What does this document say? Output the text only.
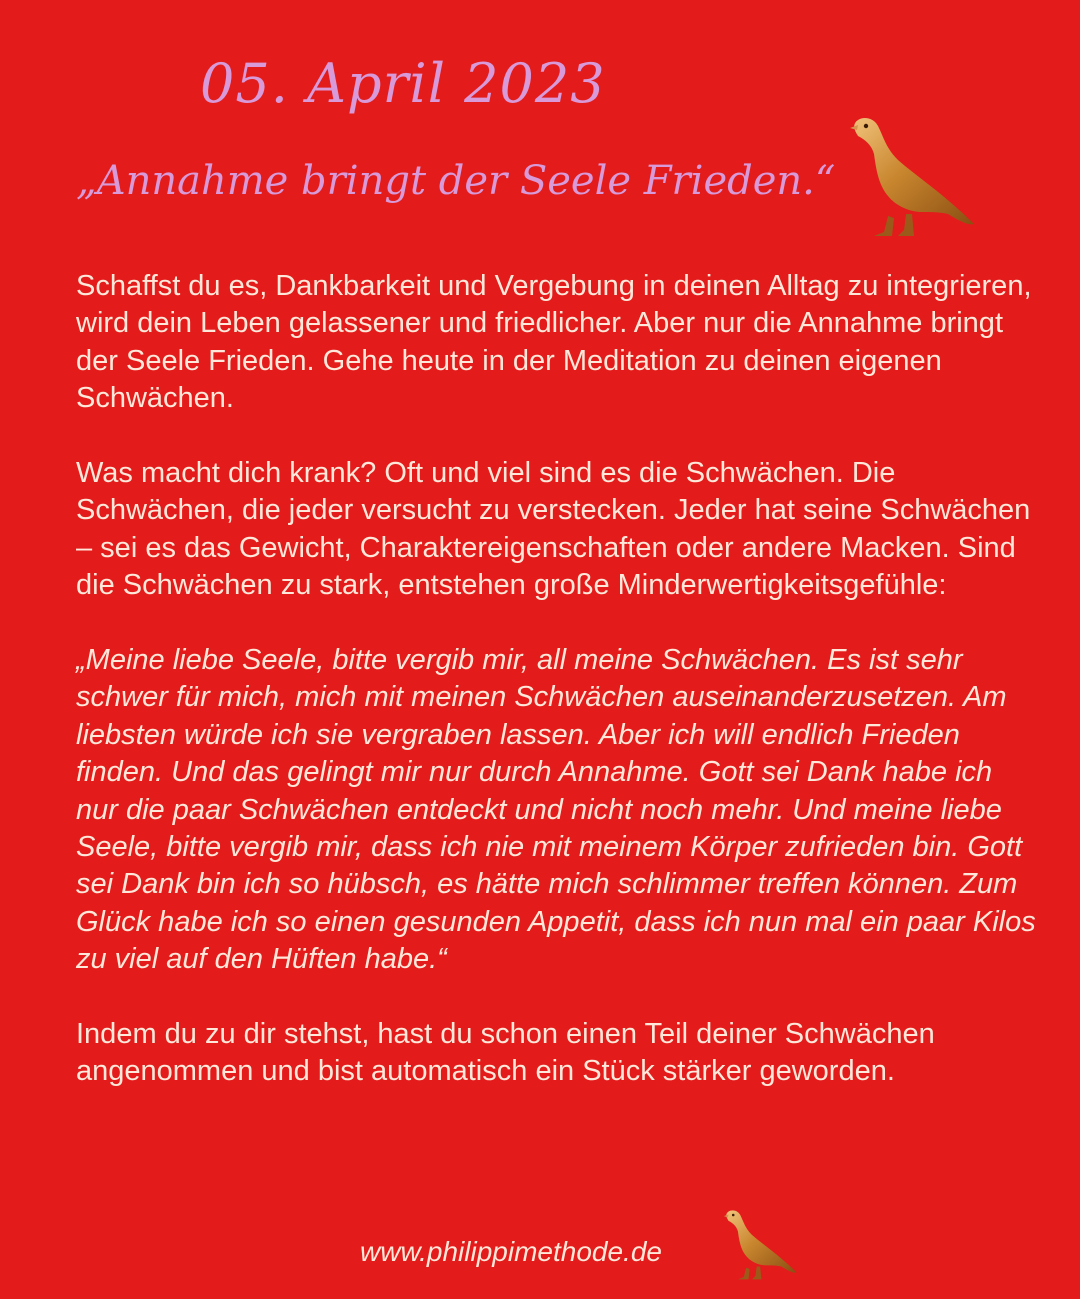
05. April 2023
„Annahme bringt der Seele Frieden.“

Schaffst du es, Dankbarkeit und Vergebung in deinen Alltag zu integrieren, wird dein Leben gelassener und friedlicher. Aber nur die Annahme bringt der Seele Frieden. Gehe heute in der Meditation zu deinen eigenen Schwächen.

Was macht dich krank? Oft und viel sind es die Schwächen. Die Schwächen, die jeder versucht zu verstecken. Jeder hat seine Schwächen – sei es das Gewicht, Charaktereigenschaften oder andere Macken. Sind die Schwächen zu stark, entstehen große Minderwertigkeitsgefühle:

„Meine liebe Seele, bitte vergib mir, all meine Schwächen. Es ist sehr schwer für mich, mich mit meinen Schwächen auseinanderzusetzen. Am liebsten würde ich sie vergraben lassen. Aber ich will endlich Frieden finden. Und das gelingt mir nur durch Annahme. Gott sei Dank habe ich nur die paar Schwächen entdeckt und nicht noch mehr. Und meine liebe Seele, bitte vergib mir, dass ich nie mit meinem Körper zufrieden bin. Gott sei Dank bin ich so hübsch, es hätte mich schlimmer treffen können. Zum Glück habe ich so einen gesunden Appetit, dass ich nun mal ein paar Kilos zu viel auf den Hüften habe.“

Indem du zu dir stehst, hast du schon einen Teil deiner Schwächen angenommen und bist automatisch ein Stück stärker geworden.

www.philippimethode.de
